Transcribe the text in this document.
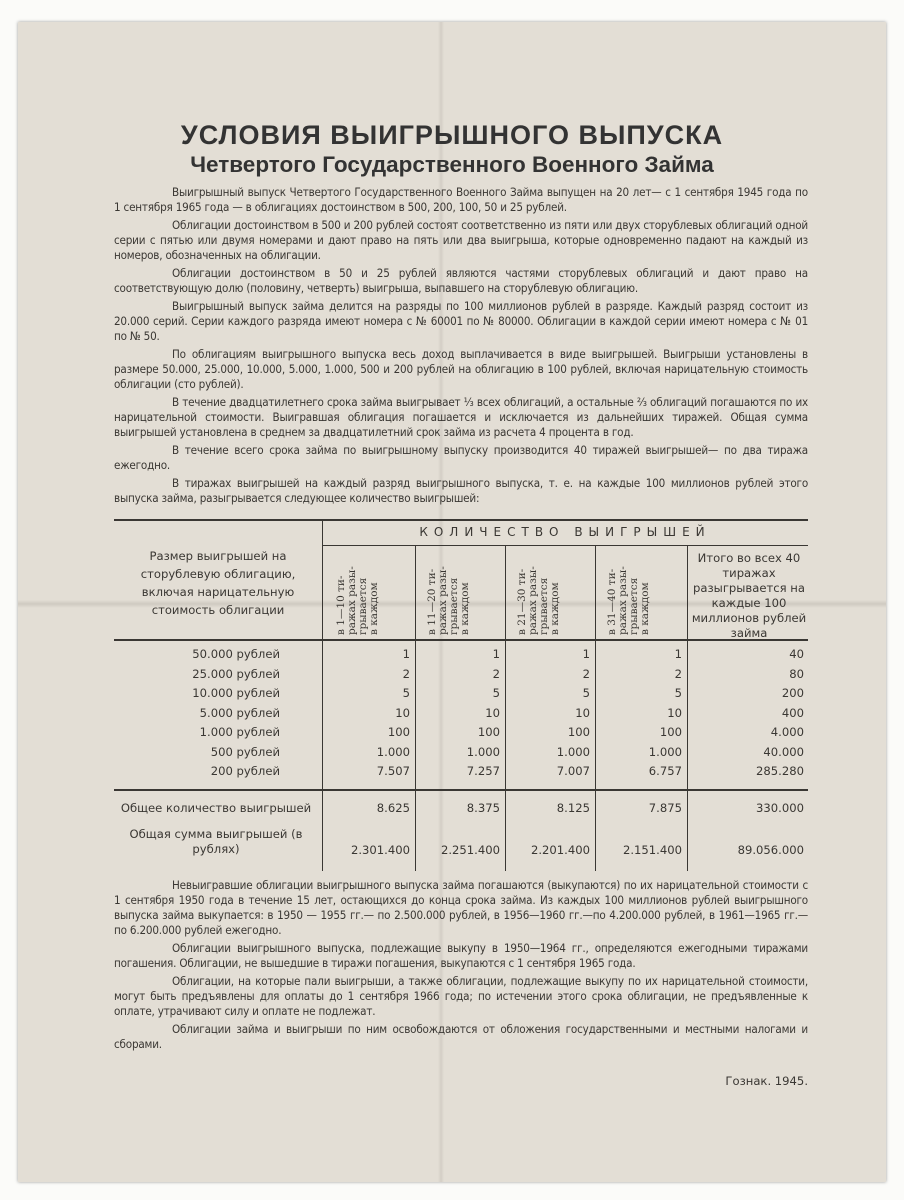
УСЛОВИЯ ВЫИГРЫШНОГО ВЫПУСКА
Четвертого Государственного Военного Займа

Выигрышный выпуск Четвертого Государственного Военного Займа выпущен на 20 лет— с 1 сентября 1945 года по 1 сентября 1965 года — в облигациях достоинством в 500, 200, 100, 50 и 25 рублей.

Облигации достоинством в 500 и 200 рублей состоят соответственно из пяти или двух сторублевых облигаций одной серии с пятью или двумя номерами и дают право на пять или два выигрыша, которые одновременно падают на каждый из номеров, обозначенных на облигации.

Облигации достоинством в 50 и 25 рублей являются частями сторублевых облигаций и дают право на соответствующую долю (половину, четверть) выигрыша, выпавшего на сторублевую облигацию.

Выигрышный выпуск займа делится на разряды по 100 миллионов рублей в разряде. Каждый разряд состоит из 20.000 серий. Серии каждого разряда имеют номера с № 60001 по № 80000. Облигации в каждой серии имеют номера с № 01 по № 50.

По облигациям выигрышного выпуска весь доход выплачивается в виде выигрышей. Выигрыши установлены в размере 50.000, 25.000, 10.000, 5.000, 1.000, 500 и 200 рублей на облигацию в 100 рублей, включая нарицательную стоимость облигации (сто рублей).

В течение двадцатилетнего срока займа выигрывает ⅓ всех облигаций, а остальные ⅔ облигаций погашаются по их нарицательной стоимости. Выигравшая облигация погашается и исключается из дальнейших тиражей. Общая сумма выигрышей установлена в среднем за двадцатилетний срок займа из расчета 4 процента в год.

В течение всего срока займа по выигрышному выпуску производится 40 тиражей выигрышей— по два тиража ежегодно.

В тиражах выигрышей на каждый разряд выигрышного выпуска, т. е. на каждые 100 миллионов рублей этого выпуска займа, разыгрывается следующее количество выигрышей:

КОЛИЧЕСТВО ВЫИГРЫШЕЙ
Размер выигрышей на сторублевую облигацию, включая нарицательную стоимость облигации
в 1—10 ти-
ражах разы-
грывается
в каждом
в 11—20 ти-
ражах разы-
грывается
в каждом
в 21—30 ти-
ражах разы-
грывается
в каждом
в 31—40 ти-
ражах разы-
грывается
в каждом
Итого во всех 40 тиражах разыгрывается на каждые 100 миллионов рублей займа
50.000 рублей	1	1	1	1	40
25.000 рублей	2	2	2	2	80
10.000 рублей	5	5	5	5	200
5.000 рублей	10	10	10	10	400
1.000 рублей	100	100	100	100	4.000
500 рублей	1.000	1.000	1.000	1.000	40.000
200 рублей	7.507	7.257	7.007	6.757	285.280
Общее количество выигрышей	8.625	8.375	8.125	7.875	330.000
Общая сумма выигрышей (в рублях)	2.301.400	2.251.400	2.201.400	2.151.400	89.056.000

Невыигравшие облигации выигрышного выпуска займа погашаются (выкупаются) по их нарицательной стоимости с 1 сентября 1950 года в течение 15 лет, остающихся до конца срока займа. Из каждых 100 миллионов рублей выигрышного выпуска займа выкупается: в 1950 — 1955 гг.— по 2.500.000 рублей, в 1956—1960 гг.—по 4.200.000 рублей, в 1961—1965 гг.—по 6.200.000 рублей ежегодно.

Облигации выигрышного выпуска, подлежащие выкупу в 1950—1964 гг., определяются ежегодными тиражами погашения. Облигации, не вышедшие в тиражи погашения, выкупаются с 1 сентября 1965 года.

Облигации, на которые пали выигрыши, а также облигации, подлежащие выкупу по их нарицательной стоимости, могут быть предъявлены для оплаты до 1 сентября 1966 года; по истечении этого срока облигации, не предъявленные к оплате, утрачивают силу и оплате не подлежат.

Облигации займа и выигрыши по ним освобождаются от обложения государственными и местными налогами и сборами.

Гознак. 1945.
